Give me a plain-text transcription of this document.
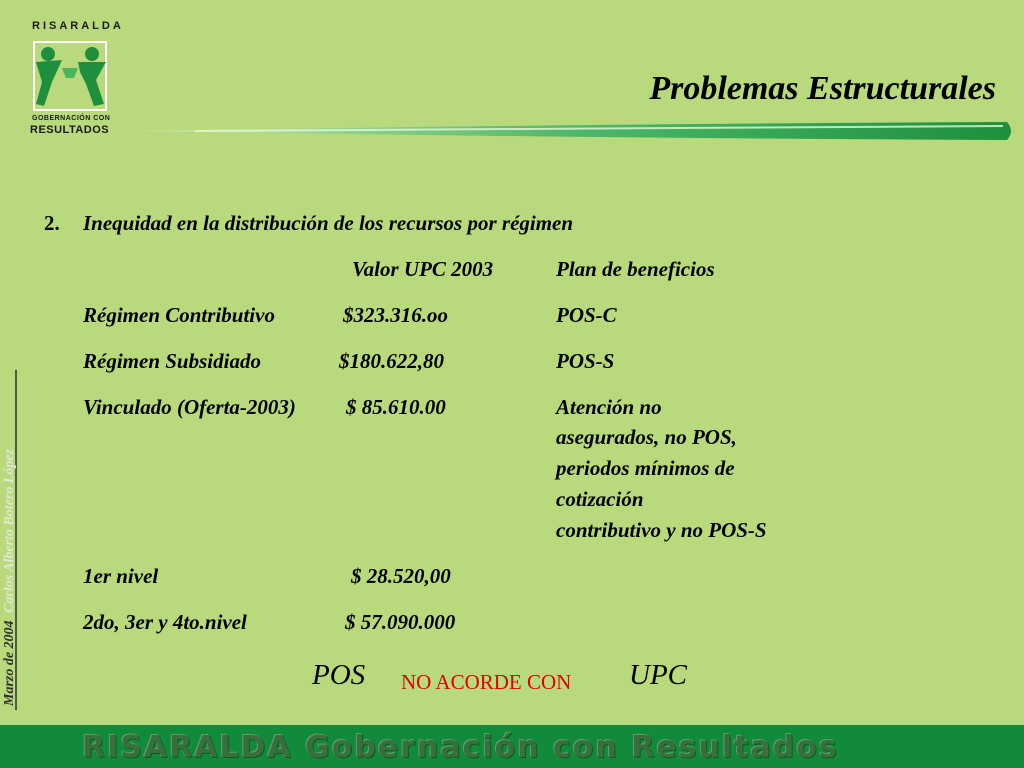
RISARALDA
GOBERNACIÓN CON
RESULTADOS
Problemas Estructurales
Marzo de 2004 Carlos Alberto Botero López
2. Inequidad en la distribución de los recursos por régimen
Valor UPC 2003	Plan de beneficios
Régimen Contributivo	$323.316.oo	POS-C
Régimen Subsidiado	$180.622,80	POS-S
Vinculado (Oferta-2003) $ 85.610.00	Atención no
asegurados, no POS,
periodos mínimos de
cotización
contributivo y no POS-S
1er nivel	$ 28.520,00
2do, 3er y 4to.nivel	$ 57.090.000
POS NO ACORDE CON UPC
RISARALDA Gobernación con Resultados
